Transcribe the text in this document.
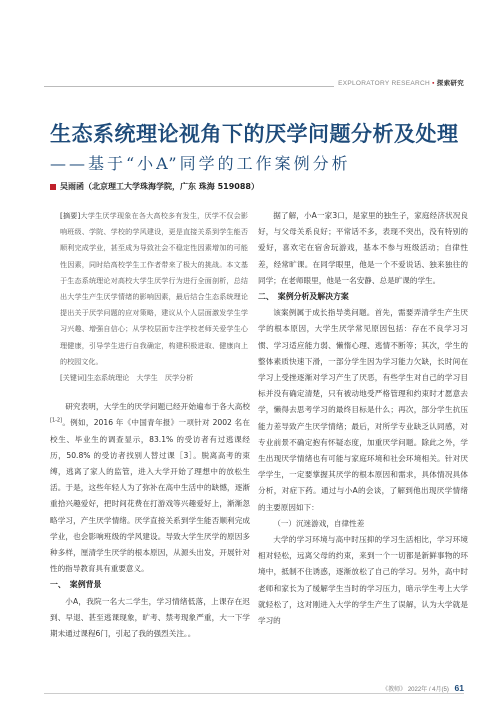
EXPLORATORY RESEARCH ▪ 探索研究
生态系统理论视角下的厌学问题分析及处理
——基于“小A”同学的工作案例分析
吴雨函（北京理工大学珠海学院，广东 珠海 519088）
[摘要]大学生厌学现象在各大高校多有发生，厌学不仅会影响班级、学院、学校的学风建设，更是直接关系到学生能否顺利完成学业，甚至成为导致社会不稳定性因素增加的可能性因素，同时给高校学生工作者带来了极大的挑战。本文基于生态系统理论对高校大学生厌学行为进行全面剖析，总结出大学生产生厌学情绪的影响因素，最后结合生态系统理论提出关于厌学问题的应对策略，建议从个人层面激发学生学习兴趣、增强自信心；从学校层面专注学校老师关爱学生心理健康，引导学生进行自我确定，构建积极进取、健康向上的校园文化。
[关键词]生态系统理论　大学生　厌学分析

研究表明，大学生的厌学问题已经开始遍布于各大高校[1-2]。例如，2016 年《中国青年报》一项针对 2002 名在校生、毕业生的调查显示，83.1% 的受访者有过逃课经历，50.8% 的受访者找别人替过课［3］。脱离高考的束缚，逃离了家人的监管，进入大学开始了理想中的放松生活。于是，这些年轻人为了弥补在高中生活中的缺憾，逐渐重拾兴趣爱好，把时间花费在打游戏等兴趣爱好上，渐渐忽略学习，产生厌学情绪。厌学直接关系到学生能否顺利完成学业，也会影响班级的学风建设。导致大学生厌学的原因多种多样，厘清学生厌学的根本原因，从源头出发，开展针对性的指导教育具有重要意义。

一、 案例背景

小A，我院一名大二学生，学习情绪低落，上课存在迟到、早退、甚至逃课现象，旷考、禁考现象严重，大一下学期未通过课程6门，引起了我的强烈关注。。

据了解，小A一家3口，是家里的独生子，家庭经济状况良好，与父母关系良好；平常话不多，表现不突出，没有特别的爱好，喜欢宅在宿舍玩游戏，基本不参与班级活动；自律性差，经常旷课。在同学眼里，他是一个不爱说话、独来独往的同学；在老师眼里，他是一名安静、总是旷课的学生。

二、 案例分析及解决方案

该案例属于成长指导类问题。首先，需要弄清学生产生厌学的根本原因，大学生厌学常见原因包括：存在不良学习习惯、学习适应能力弱、懒惰心理、逃情不断等；其次，学生的整体素质快速下滑，一部分学生因为学习能力欠缺，长时间在学习上受挫逐渐对学习产生了厌恶，有些学生对自己的学习目标并没有确定清楚，只有被动地受严格管理和约束时才愿意去学，懒得去思考学习的最终目标是什么；再次，部分学生抗压能力差导致产生厌学情绪；最后，对所学专业缺乏认同感，对专业前景不确定抱有怀疑态度，加重厌学问题。除此之外，学生出现厌学情绪也有可能与家庭环境和社会环境相关。针对厌学学生，一定要掌握其厌学的根本原因和需求，具体情况具体分析，对症下药。通过与小A的会谈，了解到他出现厌学情绪的主要原因如下：

（一）沉迷游戏，自律性差

大学的学习环境与高中时压抑的学习生活相比，学习环境相对轻松，远离父母的约束，来到一个一切都是新鲜事物的环境中，抵制不住诱惑，逐渐放松了自己的学习。另外，高中时老师和家长为了缓解学生当时的学习压力，暗示学生考上大学就轻松了，这对刚进入大学的学生产生了误解，认为大学就是学习的

《教师》 2022年 / 4月(5) 61
